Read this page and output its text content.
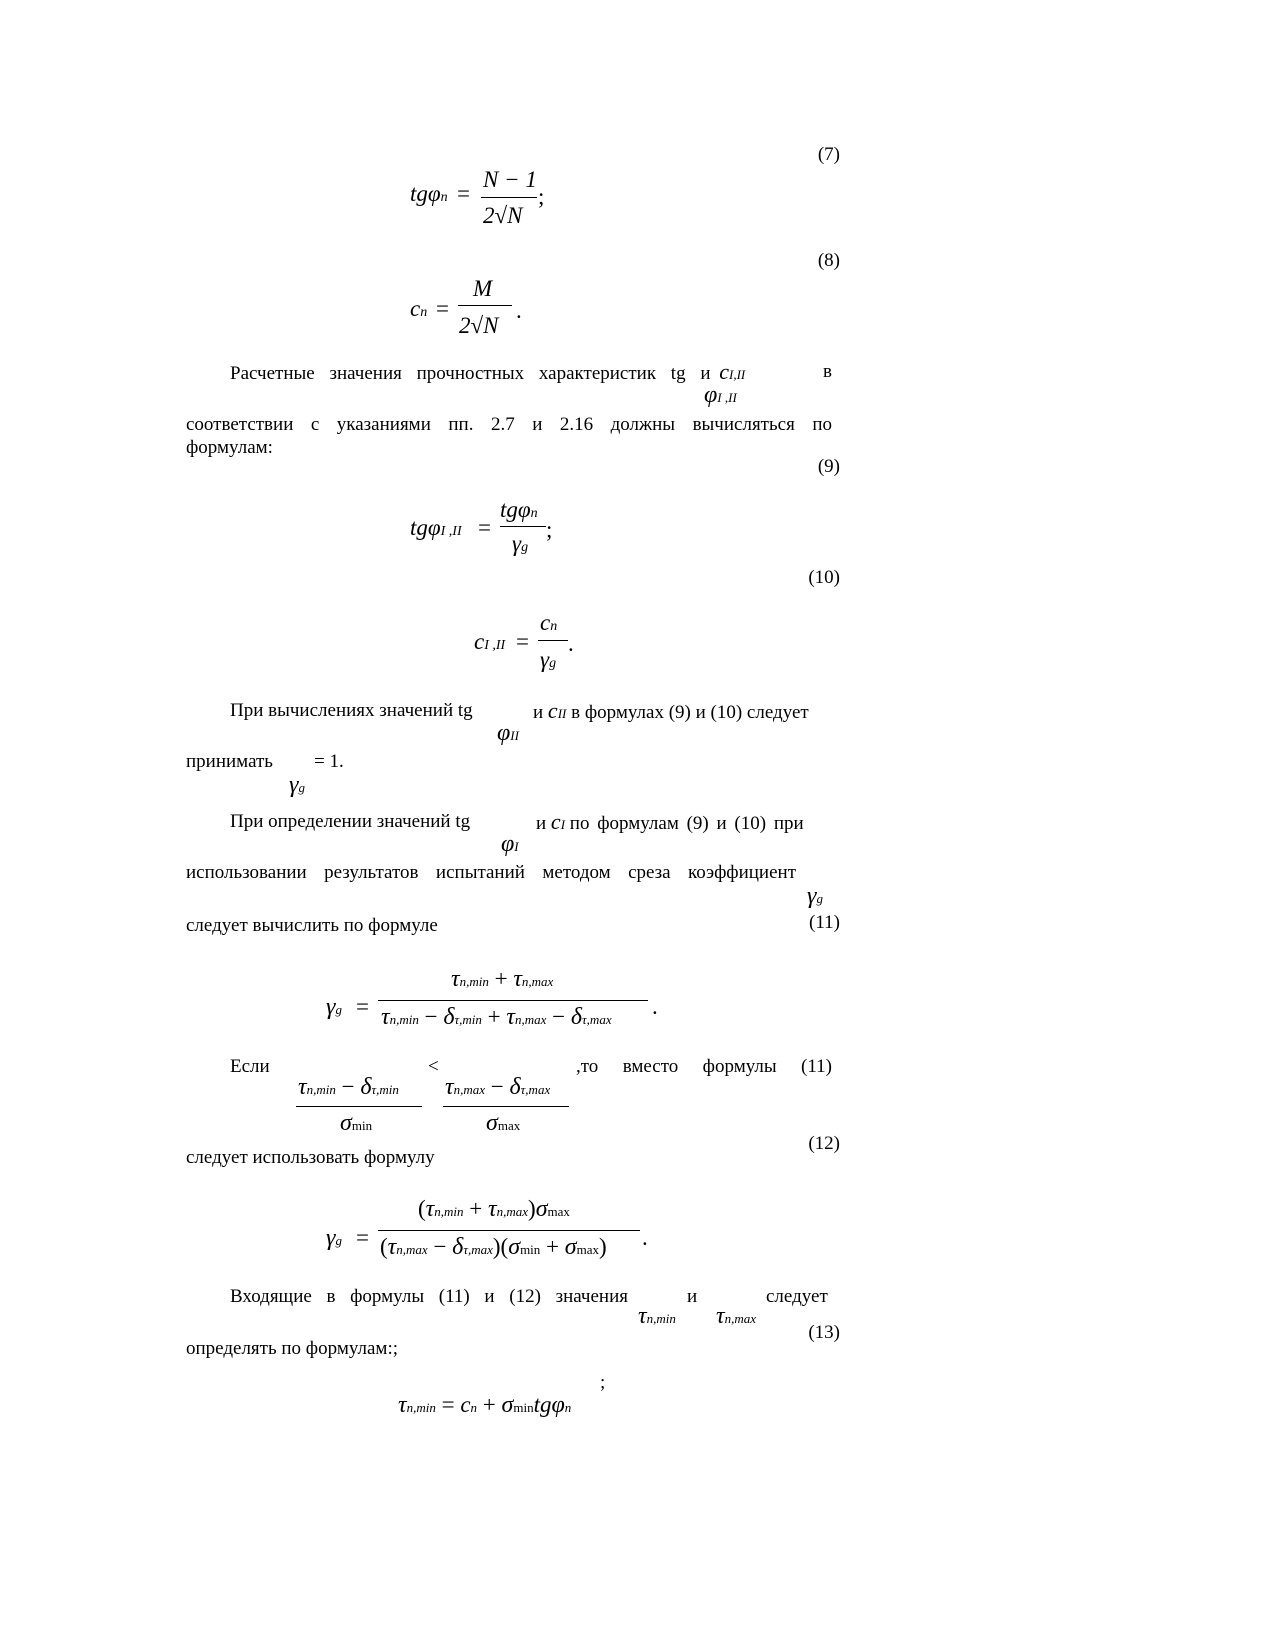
(7)
(8)
(9)
(10)
(11)
(12)
(13)
tgφn =
N − 1
2√N
;
cn =
M
2√N
.
Расчетные значения прочностных характеристик tg и cI,II	в
φI ,II
соответствии с указаниями пп. 2.7 и 2.16 должны вычисляться по
формулам:
tgφI ,II =
tgφn
γg
;
cI ,II =
cn
γg
.
При вычислениях значений tg	и cII в формулах (9) и (10) следует
φII
принимать = 1.
γg
При определении значений tg	и cI по формулам (9) и (10) при
φI
использовании результатов испытаний методом среза коэффициент
γg
следует вычислить по формуле
γg =
τn,min + τn,max
τn,min − δτ,min + τn,max − δτ,max
.
Если	<	,то вместо формулы (11)
τn,min − δτ,min
σmin
τn,max − δτ,max
σmax
следует использовать формулу
γg =
(τn,min + τn,max)σmax
(τn,max − δτ,max)(σmin + σmax) .
Входящие в формулы (11) и (12) значения	и	следует
τn,min τn,max
определять по формулам:;
;
τn,min = cn + σmintgφn
